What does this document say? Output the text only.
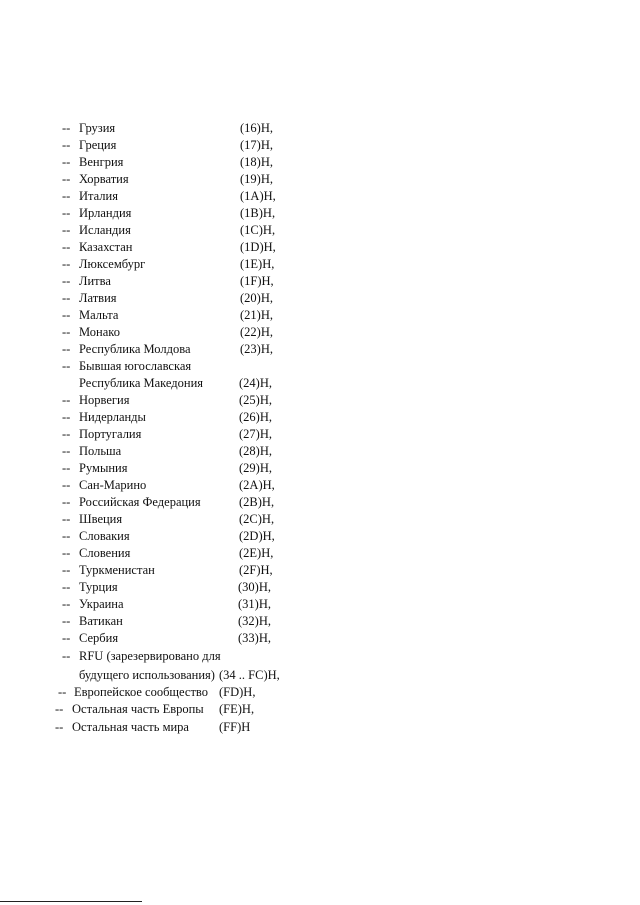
-- Грузия	(16)H,
-- Греция	(17)H,
-- Венгрия	(18)H,
-- Хорватия	(19)H,
-- Италия	(1A)H,
-- Ирландия	(1B)H,
-- Исландия	(1C)H,
-- Казахстан	(1D)H,
-- Люксембург	(1E)H,
-- Литва	(1F)H,
-- Латвия	(20)H,
-- Мальта	(21)H,
-- Монако	(22)H,
-- Республика Молдова	(23)H,
-- Бывшая югославская
Республика Македония	(24)H,
-- Норвегия	(25)H,
-- Нидерланды	(26)H,
-- Португалия	(27)H,
-- Польша	(28)H,
-- Румыния	(29)H,
-- Сан-Марино	(2A)H,
-- Российская Федерация	(2B)H,
-- Швеция	(2C)H,
-- Словакия	(2D)H,
-- Словения	(2E)H,
-- Туркменистан	(2F)H,
-- Турция	(30)H,
-- Украина	(31)H,
-- Ватикан	(32)H,
-- Сербия	(33)H,
-- RFU (зарезервировано для
будущего использования) (34 .. FC)H,
-- Европейское сообщество (FD)H,
-- Остальная часть Европы (FE)H,
-- Остальная часть мира (FF)H
